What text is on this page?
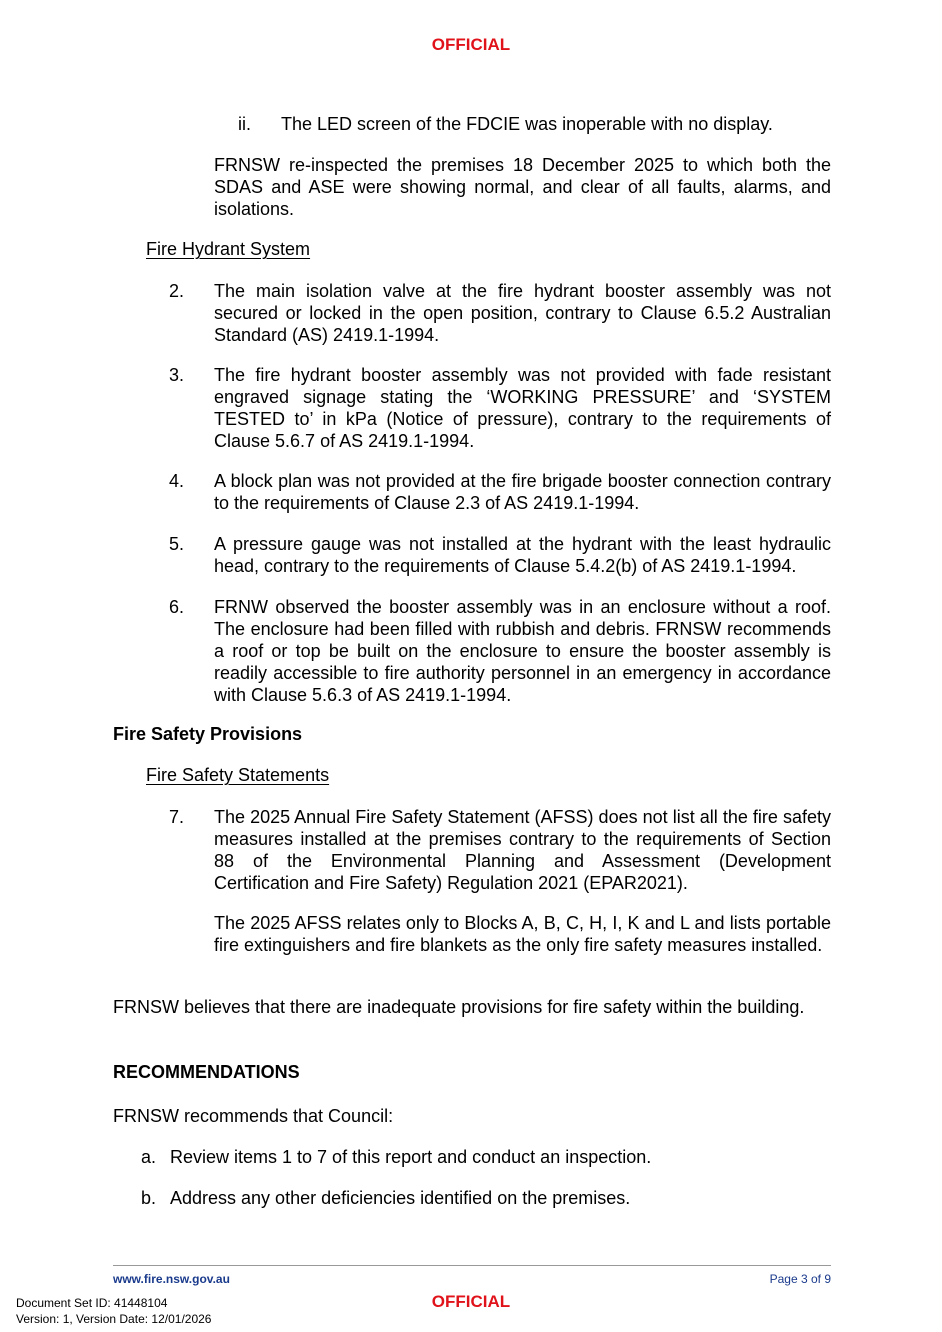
OFFICIAL
ii. The LED screen of the FDCIE was inoperable with no display.
FRNSW re-inspected the premises 18 December 2025 to which both the SDAS and ASE were showing normal, and clear of all faults, alarms, and isolations.
Fire Hydrant System
2. The main isolation valve at the fire hydrant booster assembly was not secured or locked in the open position, contrary to Clause 6.5.2 Australian Standard (AS) 2419.1-1994.
3. The fire hydrant booster assembly was not provided with fade resistant engraved signage stating the ‘WORKING PRESSURE’ and ‘SYSTEM TESTED to’ in kPa (Notice of pressure), contrary to the requirements of Clause 5.6.7 of AS 2419.1-1994.
4. A block plan was not provided at the fire brigade booster connection contrary to the requirements of Clause 2.3 of AS 2419.1-1994.
5. A pressure gauge was not installed at the hydrant with the least hydraulic head, contrary to the requirements of Clause 5.4.2(b) of AS 2419.1-1994.
6. FRNW observed the booster assembly was in an enclosure without a roof. The enclosure had been filled with rubbish and debris. FRNSW recommends a roof or top be built on the enclosure to ensure the booster assembly is readily accessible to fire authority personnel in an emergency in accordance with Clause 5.6.3 of AS 2419.1-1994.
Fire Safety Provisions
Fire Safety Statements
7. The 2025 Annual Fire Safety Statement (AFSS) does not list all the fire safety measures installed at the premises contrary to the requirements of Section 88 of the Environmental Planning and Assessment (Development Certification and Fire Safety) Regulation 2021 (EPAR2021).
The 2025 AFSS relates only to Blocks A, B, C, H, I, K and L and lists portable fire extinguishers and fire blankets as the only fire safety measures installed.
FRNSW believes that there are inadequate provisions for fire safety within the building.
RECOMMENDATIONS
FRNSW recommends that Council:
a. Review items 1 to 7 of this report and conduct an inspection.
b. Address any other deficiencies identified on the premises.
www.fire.nsw.gov.au	Page 3 of 9
Document Set ID: 41448104
Version: 1, Version Date: 12/01/2026
OFFICIAL
